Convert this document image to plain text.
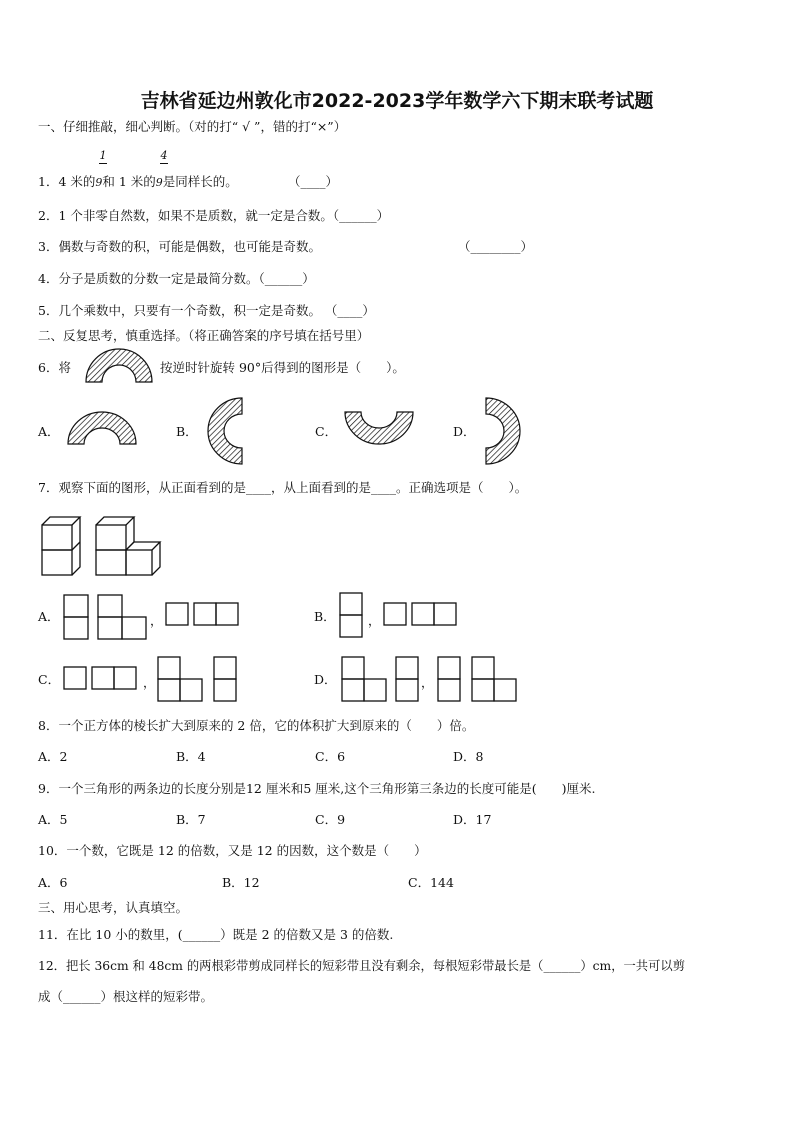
吉林省延边州敦化市2022-2023学年数学六下期末联考试题
一、仔细推敲，细心判断。（对的打“ √ ”，错的打“×”）
1	4
1．4 米的9和 1 米的9是同样长的。	（____）
2．1 个非零自然数，如果不是质数，就一定是合数。（______）
3．偶数与奇数的积，可能是偶数，也可能是奇数。	（________）
4．分子是质数的分数一定是最简分数。（______）
5．几个乘数中，只要有一个奇数，积一定是奇数。 （____）
二、反复思考，慎重选择。（将正确答案的序号填在括号里）
6．将	按逆时针旋转 90°后得到的图形是（　　）。
A．	B．	C．	D．
7．观察下面的图形，从正面看到的是____，从上面看到的是____。正确选项是（　　）。
A．	，	B．	，
C．	，	D．	，
8．一个正方体的棱长扩大到原来的 2 倍，它的体积扩大到原来的（　　）倍。
A．2	B．4	C．6	D．8
9．一个三角形的两条边的长度分别是12 厘米和5 厘米,这个三角形第三条边的长度可能是(　　)厘米.
A．5	B．7	C．9	D．17
10．一个数，它既是 12 的倍数，又是 12 的因数，这个数是（　　）
A．6	B．12	C．144
三、用心思考，认真填空。
11．在比 10 小的数里，(______）既是 2 的倍数又是 3 的倍数.
12．把长 36cm 和 48cm 的两根彩带剪成同样长的短彩带且没有剩余，每根短彩带最长是（______）cm，一共可以剪
成（______）根这样的短彩带。
